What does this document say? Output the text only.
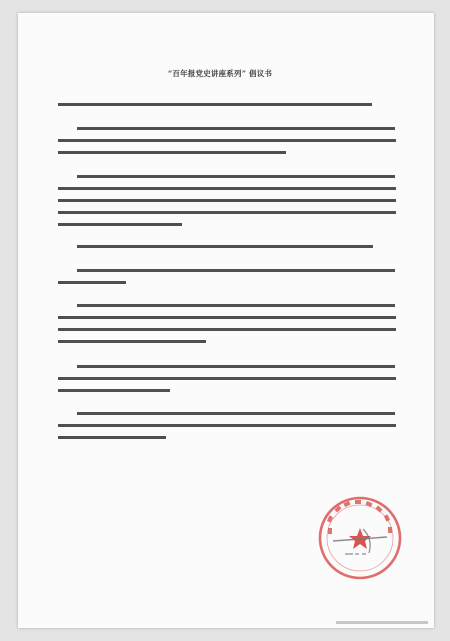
“百年报党史讲座系列” 倡议书
